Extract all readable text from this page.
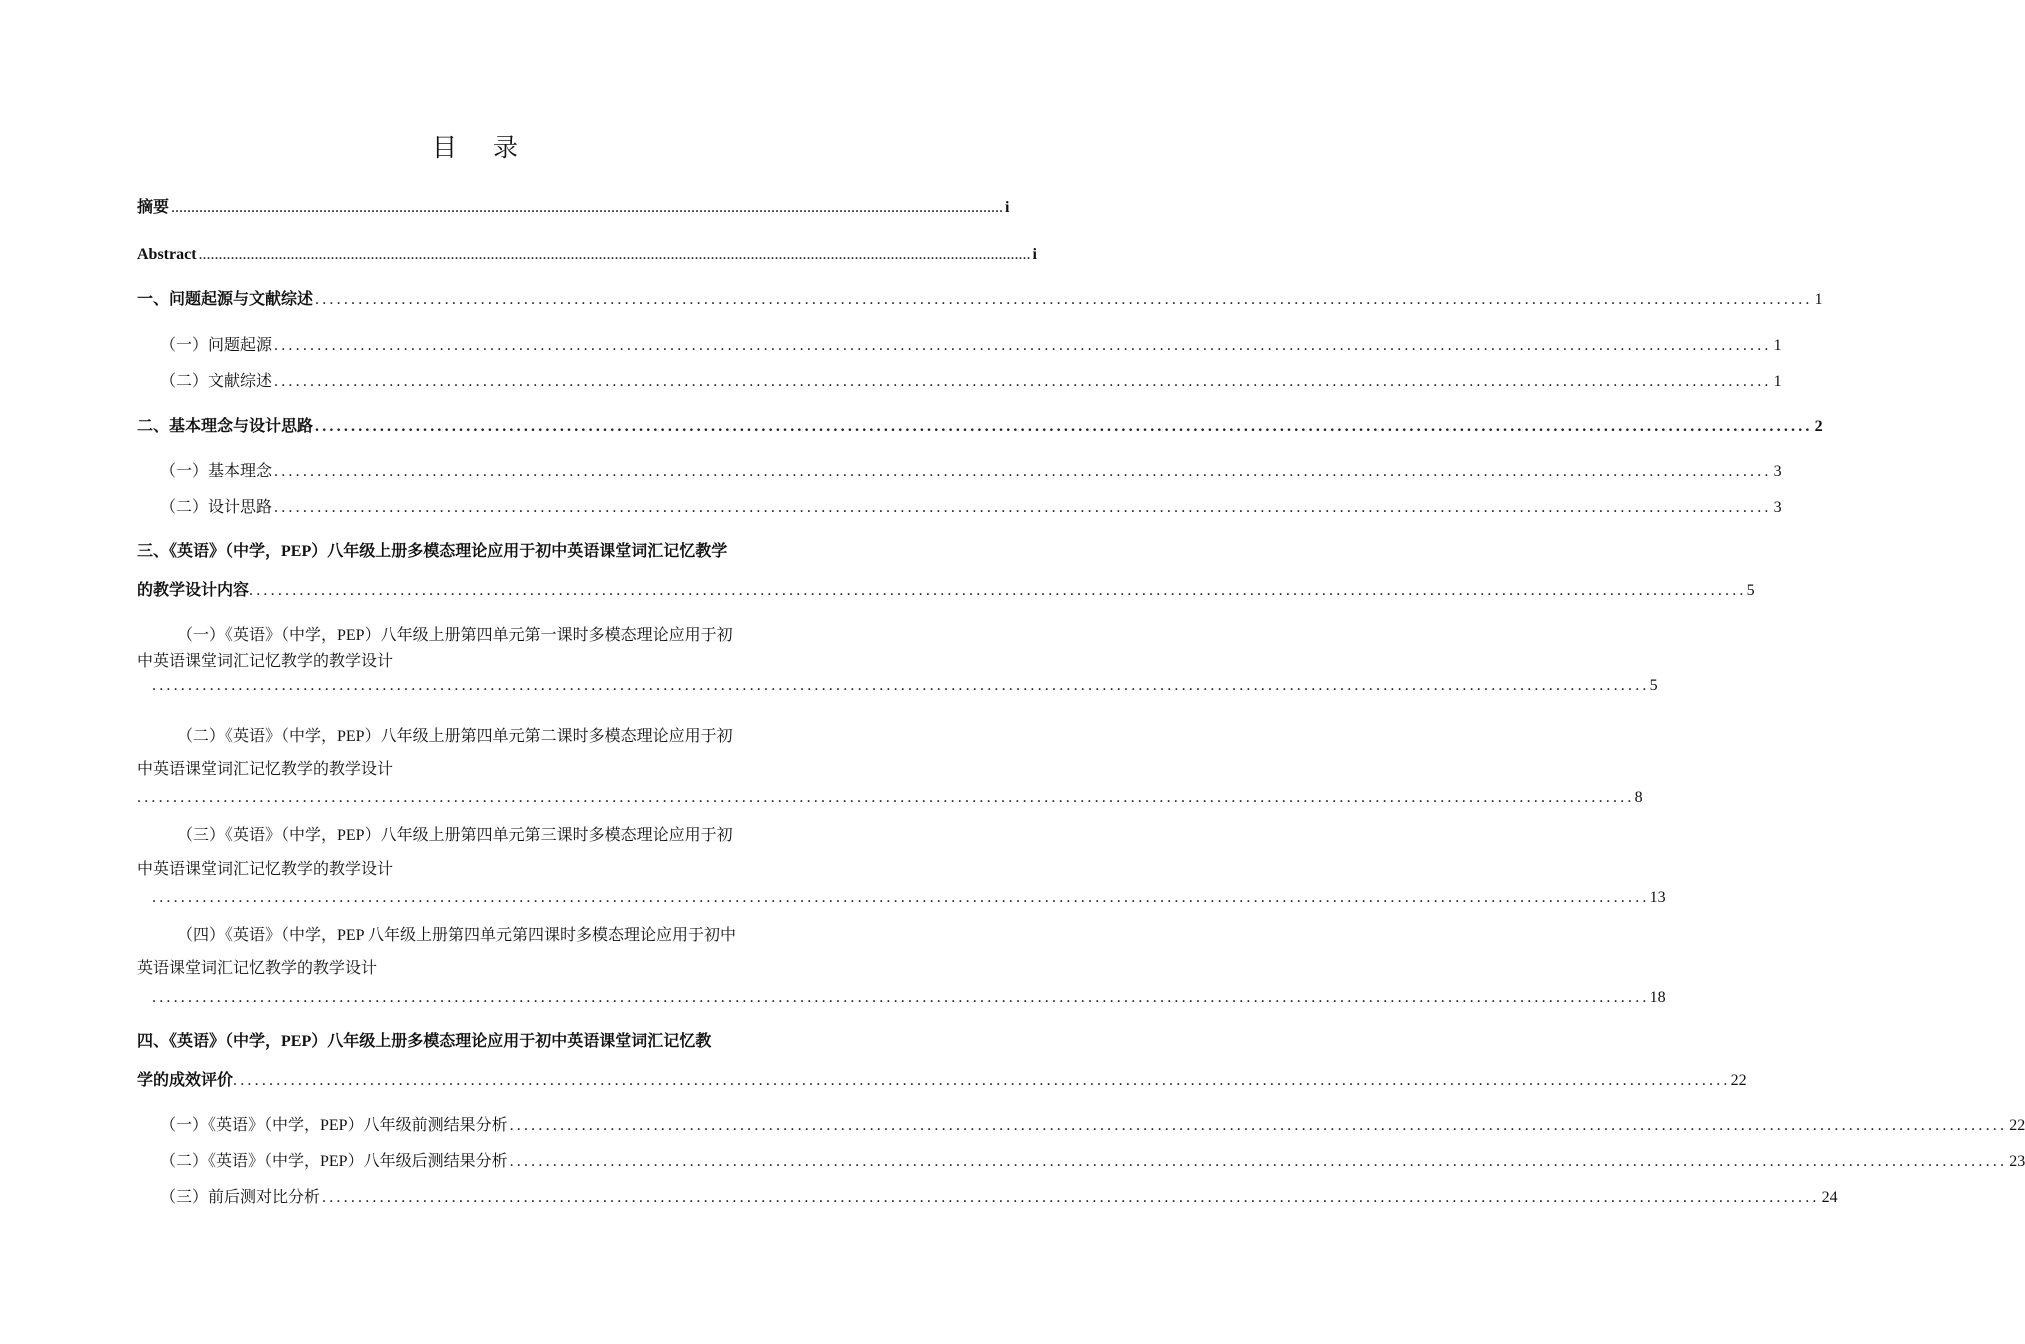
目 录
摘要 ................................................................................................................................................................................................................ i
Abstract ................................................................................................................................................................................................................ i
一、问题起源与文献综述 ................................................................................................................................................................................................................ 1
（一）问题起源 ................................................................................................................................................................................................................ 1
（二）文献综述 ................................................................................................................................................................................................................ 1
二、基本理念与设计思路 ................................................................................................................................................................................................................ 2
（一）基本理念 ................................................................................................................................................................................................................ 3
（二）设计思路 ................................................................................................................................................................................................................ 3
三、《英语》（中学，PEP）八年级上册多模态理论应用于初中英语课堂词汇记忆教学
的教学设计内容 ................................................................................................................................................................................................................ 5
（一）《英语》（中学，PEP）八年级上册第四单元第一课时多模态理论应用于初
中英语课堂词汇记忆教学的教学设计
................................................................................................................................................................................................................ 5
（二）《英语》（中学，PEP）八年级上册第四单元第二课时多模态理论应用于初
中英语课堂词汇记忆教学的教学设计
................................................................................................................................................................................................................ 8
（三）《英语》（中学，PEP）八年级上册第四单元第三课时多模态理论应用于初
中英语课堂词汇记忆教学的教学设计
................................................................................................................................................................................................................ 13
（四）《英语》（中学，PEP 八年级上册第四单元第四课时多模态理论应用于初中
英语课堂词汇记忆教学的教学设计
................................................................................................................................................................................................................ 18
四、《英语》（中学，PEP）八年级上册多模态理论应用于初中英语课堂词汇记忆教
学的成效评价 ................................................................................................................................................................................................................ 22
（一）《英语》（中学，PEP）八年级前测结果分析 ................................................................................................................................................................................................................ 22
（二）《英语》（中学，PEP）八年级后测结果分析 ................................................................................................................................................................................................................ 23
（三）前后测对比分析 ................................................................................................................................................................................................................ 24
